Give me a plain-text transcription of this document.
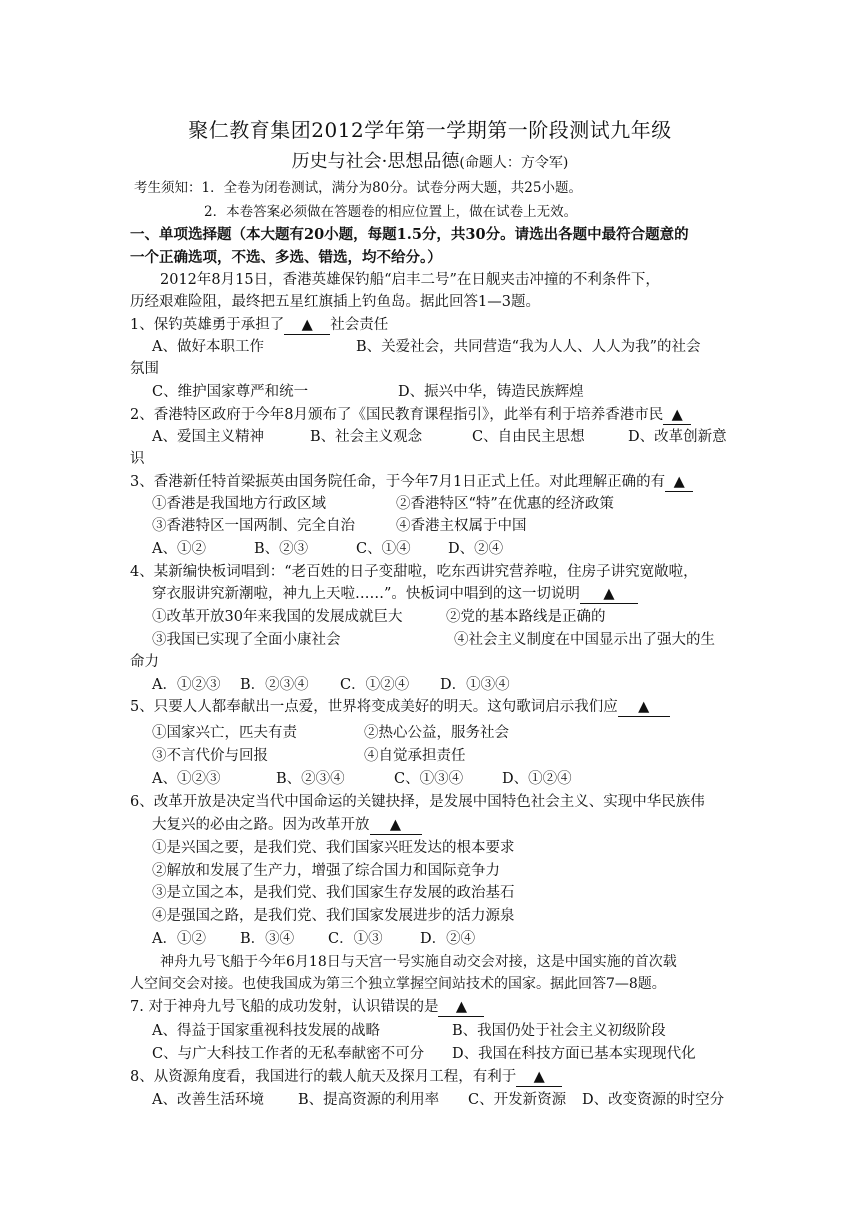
聚仁教育集团2012学年第一学期第一阶段测试九年级
历史与社会·思想品德(命题人：方令军)
考生须知：1．全卷为闭卷测试，满分为80分。试卷分两大题，共25小题。
2．本卷答案必须做在答题卷的相应位置上，做在试卷上无效。
一、单项选择题（本大题有20小题，每题1.5分，共30分。请选出各题中最符合题意的
一个正确选项，不选、多选、错选，均不给分。）
2012年8月15日，香港英雄保钓船“启丰二号”在日舰夹击冲撞的不利条件下，
历经艰难险阻，最终把五星红旗插上钓鱼岛。据此回答1—3题。
1、保钓英雄勇于承担了 ▲ 社会责任
A、做好本职工作	B、关爱社会，共同营造“我为人人、人人为我”的社会
氛围
C、维护国家尊严和统一	D、振兴中华，铸造民族辉煌
2、香港特区政府于今年8月颁布了《国民教育课程指引》，此举有利于培养香港市民 ▲
A、爱国主义精神	B、社会主义观念	C、自由民主思想	D、改革创新意
识
3、香港新任特首梁振英由国务院任命，于今年7月1日正式上任。对此理解正确的有 ▲
①香港是我国地方行政区域	②香港特区“特”在优惠的经济政策
③香港特区一国两制、完全自治	④香港主权属于中国
A、①②	B、②③	C、①④	D、②④
4、某新编快板词唱到：“老百姓的日子变甜啦，吃东西讲究营养啦，住房子讲究宽敞啦，
穿衣服讲究新潮啦，神九上天啦……”。快板词中唱到的这一切说明 ▲
①改革开放30年来我国的发展成就巨大	②党的基本路线是正确的
③我国已实现了全面小康社会	④社会主义制度在中国显示出了强大的生
命力
A．①②③ B．②③④ C．①②④ D．①③④
5、只要人人都奉献出一点爱，世界将变成美好的明天。这句歌词启示我们应 ▲
①国家兴亡，匹夫有责	②热心公益，服务社会
③不言代价与回报	④自觉承担责任
A、①②③	B、②③④	C、①③④	D、①②④
6、改革开放是决定当代中国命运的关键抉择，是发展中国特色社会主义、实现中华民族伟
大复兴的必由之路。因为改革开放 ▲
①是兴国之要，是我们党、我们国家兴旺发达的根本要求
②解放和发展了生产力，增强了综合国力和国际竞争力
③是立国之本，是我们党、我们国家生存发展的政治基石
④是强国之路，是我们党、我们国家发展进步的活力源泉
A．①② B．③④ C．①③	D．②④
神舟九号飞船于今年6月18日与天宫一号实施自动交会对接，这是中国实施的首次载
人空间交会对接。也使我国成为第三个独立掌握空间站技术的国家。据此回答7—8题。
7. 对于神舟九号飞船的成功发射，认识错误的是 ▲
A、得益于国家重视科技发展的战略	B、我国仍处于社会主义初级阶段
C、与广大科技工作者的无私奉献密不可分 D、我国在科技方面已基本实现现代化
8、从资源角度看，我国进行的载人航天及探月工程，有利于 ▲
A、改善生活环境 B、提高资源的利用率 C、开发新资源 D、改变资源的时空分
